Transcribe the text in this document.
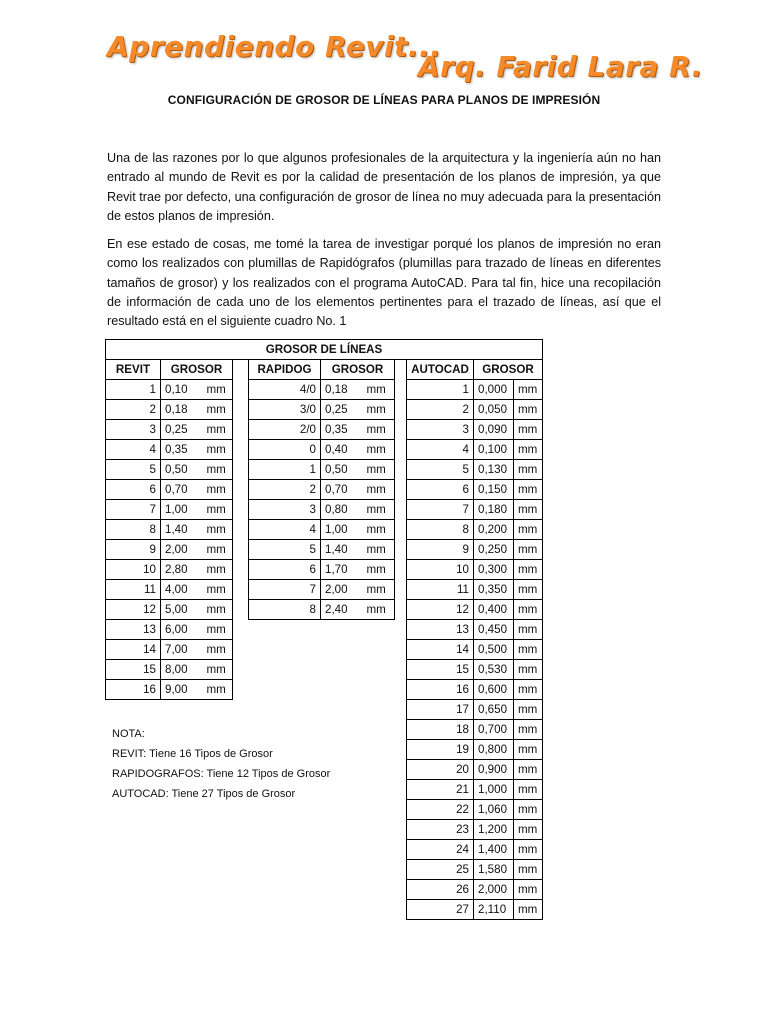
Aprendiendo Revit...
Arq. Farid Lara R.
CONFIGURACIÓN DE GROSOR DE LÍNEAS PARA PLANOS DE IMPRESIÓN

Una de las razones por lo que algunos profesionales de la arquitectura y la ingeniería aún no han entrado al mundo de Revit es por la calidad de presentación de los planos de impresión, ya que Revit trae por defecto, una configuración de grosor de línea no muy adecuada para la presentación de estos planos de impresión.

En ese estado de cosas, me tomé la tarea de investigar porqué los planos de impresión no eran como los realizados con plumillas de Rapidógrafos (plumillas para trazado de líneas en diferentes tamaños de grosor) y los realizados con el programa AutoCAD. Para tal fin, hice una recopilación de información de cada uno de los elementos pertinentes para el trazado de líneas, así que el resultado está en el siguiente cuadro No. 1

GROSOR DE LÍNEAS										
REVIT	GROSOR			RAPIDOG	GROSOR			AUTOCAD	GROSOR	
1	0,10	mm		4/0	0,18	mm		1	0,000	mm
2	0,18	mm		3/0	0,25	mm		2	0,050	mm
3	0,25	mm		2/0	0,35	mm		3	0,090	mm
4	0,35	mm		0	0,40	mm		4	0,100	mm
5	0,50	mm		1	0,50	mm		5	0,130	mm
6	0,70	mm		2	0,70	mm		6	0,150	mm
7	1,00	mm		3	0,80	mm		7	0,180	mm
8	1,40	mm		4	1,00	mm		8	0,200	mm
9	2,00	mm		5	1,40	mm		9	0,250	mm
10	2,80	mm		6	1,70	mm		10	0,300	mm
11	4,00	mm		7	2,00	mm		11	0,350	mm
12	5,00	mm		8	2,40	mm		12	0,400	mm
13	6,00	mm						13	0,450	mm
14	7,00	mm						14	0,500	mm
15	8,00	mm						15	0,530	mm
16	9,00	mm						16	0,600	mm
								17	0,650	mm
								18	0,700	mm
								19	0,800	mm
								20	0,900	mm
								21	1,000	mm
								22	1,060	mm
								23	1,200	mm
								24	1,400	mm
								25	1,580	mm
								26	2,000	mm
								27	2,110	mm
NOTA:
REVIT: Tiene 16 Tipos de Grosor
RAPIDOGRAFOS: Tiene 12 Tipos de Grosor
AUTOCAD: Tiene 27 Tipos de Grosor
